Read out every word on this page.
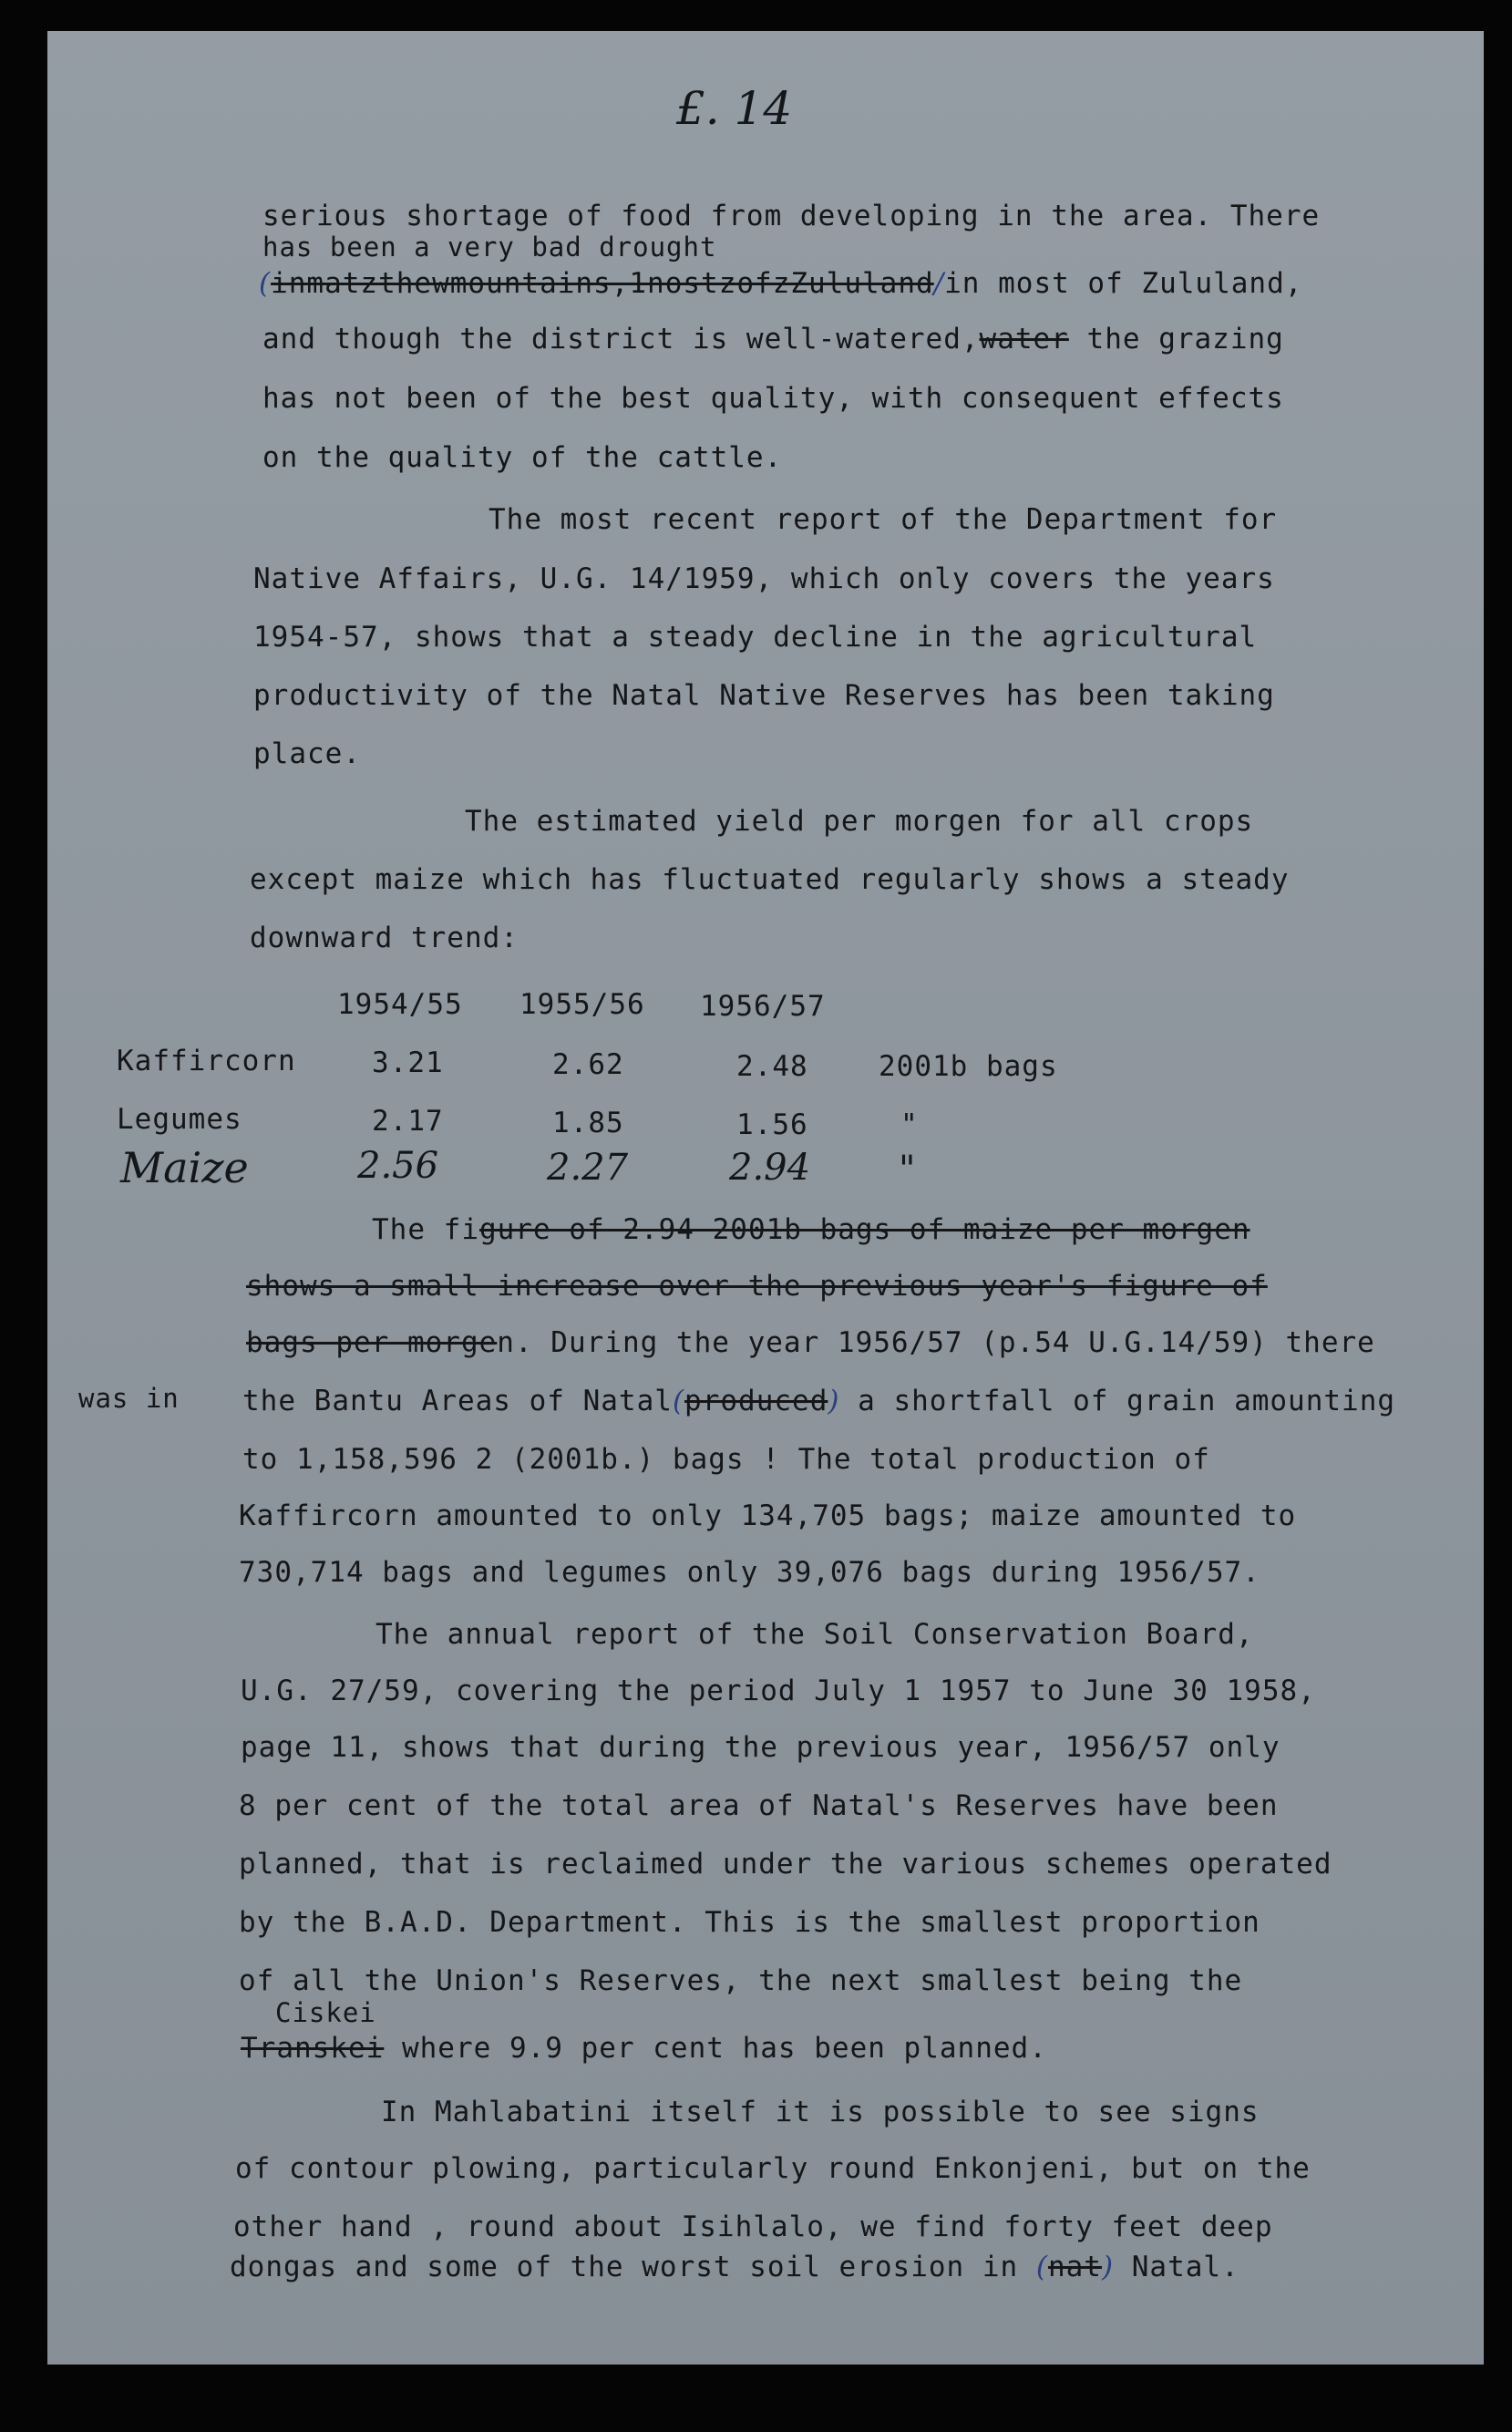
£. 14
serious shortage of food from developing in the area. There
has been a very bad drought
(inmatzthewmountains,1nostzofzZululand/in most of Zululand,
and though the district is well-watered,water the grazing
has not been of the best quality, with consequent effects
on the quality of the cattle.
The most recent report of the Department for
Native Affairs, U.G. 14/1959, which only covers the years
1954-57, shows that a steady decline in the agricultural
productivity of the Natal Native Reserves has been taking
place.
The estimated yield per morgen for all crops
except maize which has fluctuated regularly shows a steady
downward trend:
1954/55 1955/56 1956/57
Kaffircorn	3.21	2.62	2.48 2001b bags
Legumes	2.17	1.85	1.56	"
Maize	2.56	2.27	2.94 "
The figure of 2.94 2001b bags of maize per morgen
shows a small increase over the previous year's figure of
bags per morgen. During the year 1956/57 (p.54 U.G.14/59) there
was in the Bantu Areas of Natal(produced) a shortfall of grain amounting
to 1,158,596 2 (2001b.) bags ! The total production of
Kaffircorn amounted to only 134,705 bags; maize amounted to
730,714 bags and legumes only 39,076 bags during 1956/57.
The annual report of the Soil Conservation Board,
U.G. 27/59, covering the period July 1 1957 to June 30 1958,
page 11, shows that during the previous year, 1956/57 only
8 per cent of the total area of Natal's Reserves have been
planned, that is reclaimed under the various schemes operated
by the B.A.D. Department. This is the smallest proportion
of all the Union's Reserves, the next smallest being the
Ciskei
Transkei where 9.9 per cent has been planned.
In Mahlabatini itself it is possible to see signs
of contour plowing, particularly round Enkonjeni, but on the
other hand , round about Isihlalo, we find forty feet deep
dongas and some of the worst soil erosion in (nat) Natal.
